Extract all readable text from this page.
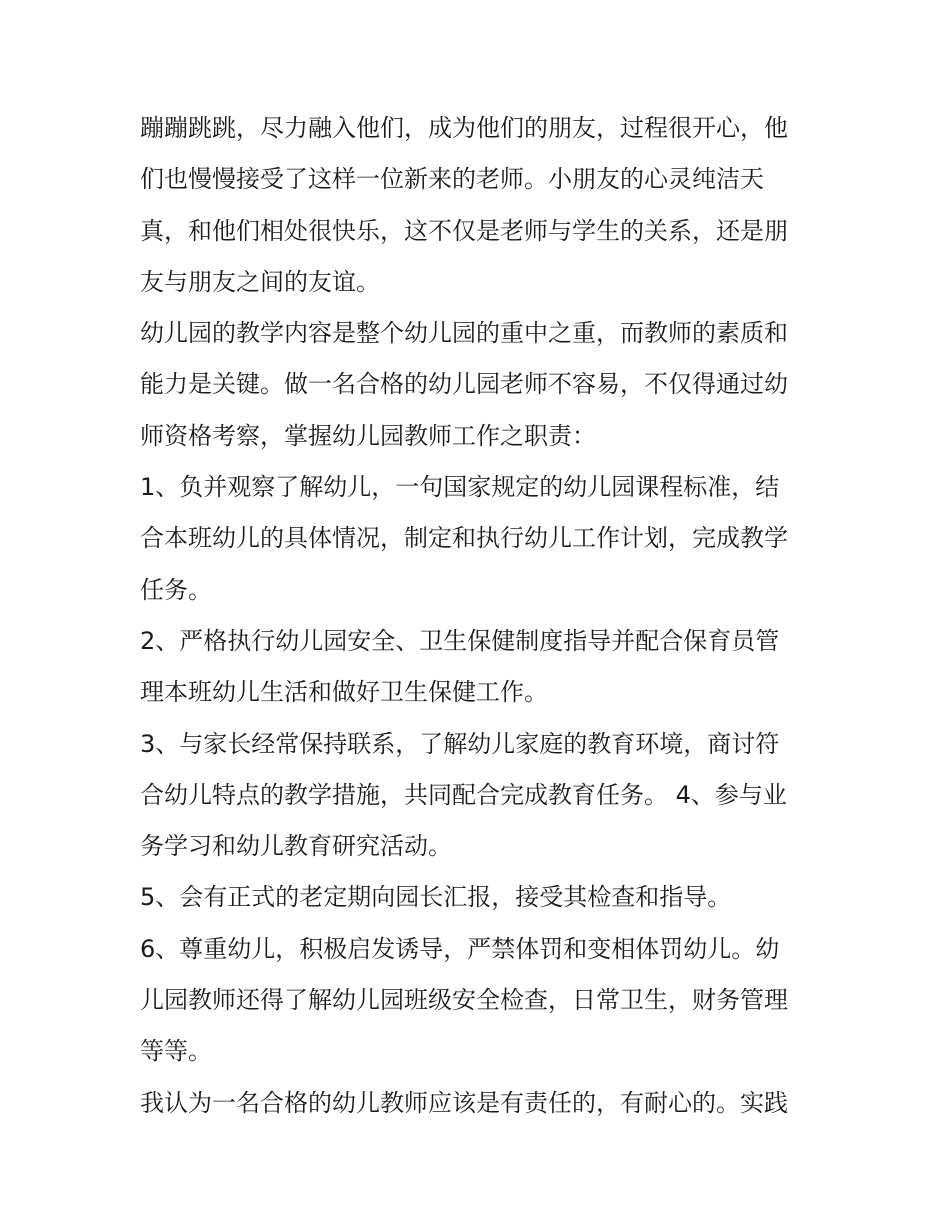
蹦蹦跳跳，尽力融入他们，成为他们的朋友，过程很开心，他
们也慢慢接受了这样一位新来的老师。小朋友的心灵纯洁天
真，和他们相处很快乐，这不仅是老师与学生的关系，还是朋
友与朋友之间的友谊。

幼儿园的教学内容是整个幼儿园的重中之重，而教师的素质和
能力是关键。做一名合格的幼儿园老师不容易，不仅得通过幼
师资格考察，掌握幼儿园教师工作之职责：

1、负并观察了解幼儿，一句国家规定的幼儿园课程标准，结
合本班幼儿的具体情况，制定和执行幼儿工作计划，完成教学
任务。

2、严格执行幼儿园安全、卫生保健制度指导并配合保育员管
理本班幼儿生活和做好卫生保健工作。

3、与家长经常保持联系，了解幼儿家庭的教育环境，商讨符
合幼儿特点的教学措施，共同配合完成教育任务。 4、参与业
务学习和幼儿教育研究活动。

5、会有正式的老定期向园长汇报，接受其检查和指导。

6、尊重幼儿，积极启发诱导，严禁体罚和变相体罚幼儿。幼
儿园教师还得了解幼儿园班级安全检查，日常卫生，财务管理
等等。

我认为一名合格的幼儿教师应该是有责任的，有耐心的。实践
